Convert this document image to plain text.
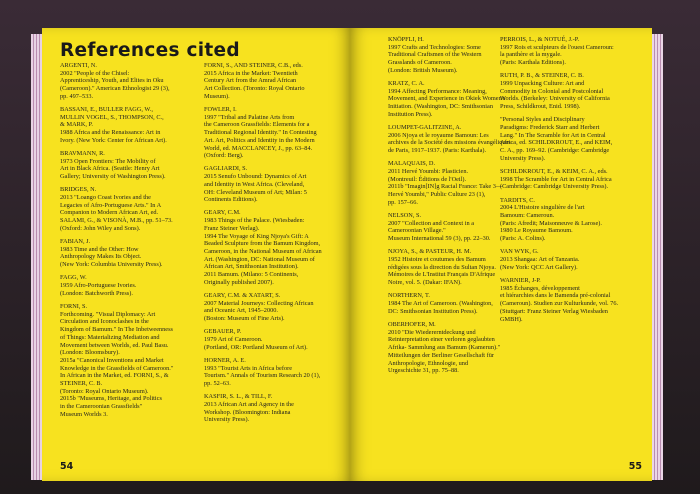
References cited
ARGENTI, N.
2002 "People of the Chisel:
Apprenticeship, Youth, and Elites in Oku
(Cameroon)." American Ethnologist 29 (3),
pp. 497–533.
BASSANI, E., BULLER FAGG, W.,
MULLIN VOGEL, S., THOMPSON, C.,
& MARK, P.
1988 Africa and the Renaissance: Art in
Ivory. (New York: Center for African Art).
BRAVMANN, R.
1973 Open Frontiers: The Mobility of
Art in Black Africa. (Seattle: Henry Art
Gallery; University of Washington Press).
BRIDGES, N.
2013 "Loango Coast Ivories and the
Legacies of Afro-Portuguese Arts." In A
Companion to Modern African Art, ed.
SALAMI, G., & VISONÀ, M.B., pp. 51–73.
(Oxford: John Wiley and Sons).
FABIAN, J.
1983 Time and the Other: How
Anthropology Makes Its Object.
(New York: Columbia University Press).
FAGG, W.
1959 Afro-Portuguese Ivories.
(London: Batchworth Press).
FORNI, S.
Forthcoming. "Visual Diplomacy: Art
Circulation and Iconoclashes in the
Kingdom of Bamum." In The Inbetweenness
of Things: Materializing Mediation and
Movement between Worlds, ed. Paul Basu.
(London: Bloomsbury).
2015a "Canonical Inventions and Market
Knowledge in the Grassfields of Cameroon."
In African in the Market, ed. FORNI, S., &
STEINER, C. B.
(Toronto: Royal Ontario Museum).
2015b "Museums, Heritage, and Politics
in the Cameroonian Grassfields"
Museum Worlds 3.
FORNI, S., AND STEINER, C.B., eds.
2015 Africa in the Market: Twentieth
Century Art from the Amrad African
Art Collection. (Toronto: Royal Ontario
Museum).
FOWLER, I.
1997 "Tribal and Palatine Arts from
the Cameroon Grassfields: Elements for a
Traditional Regional Identity." In Contesting
Art. Art, Politics and Identity in the Modern
World, ed. MACCLANCEY, J., pp. 63–84.
(Oxford: Berg).
GAGLIARDI, S.
2015 Senufo Unbound: Dynamics of Art
and Identity in West Africa. (Cleveland,
OH: Cleveland Museum of Art; Milan: 5
Continents Editions).
GEARY, C.M.
1983 Things of the Palace. (Wiesbaden:
Franz Steiner Verlag).
1994 The Voyage of King Njoya's Gift: A
Beaded Sculpture from the Bamum Kingdom,
Cameroon, in the National Museum of African
Art. (Washington, DC: National Museum of
African Art, Smithsonian Institution).
2011 Bamum. (Milano: 5 Continents,
Originally published 2007).
GEARY, C.M. & XATART, S.
2007 Material Journeys: Collecting African
and Oceanic Art, 1945–2000.
(Boston: Museum of Fine Arts).
GEBAUER, P.
1979 Art of Cameroon.
(Portland, OR: Portland Museum of Art).
HORNER, A. E.
1993 "Tourist Arts in Africa before
Tourism." Annals of Tourism Research 20 (1),
pp. 52–63.
KASFIR, S. L., & TILL, F.
2013 African Art and Agency in the
Workshop. (Bloomington: Indiana
University Press).
54
KNÖPFLI, H.
1997 Crafts and Technologies: Some
Traditional Craftsmen of the Western
Grasslands of Cameroon.
(London: British Museum).
KRATZ, C. A.
1994 Affecting Performance: Meaning,
Movement, and Experience in Okiek Women's
Initiation. (Washington, DC: Smithsonian
Institution Press).
LOUMPET-GALITZINE, A.
2006 Njoya et le royaume Bamoun: Les
archives de la Société des missions évangéliques
de Paris, 1917–1937. (Paris: Karthala).
MALAQUAIS, D.
2011 Hervé Youmbi: Plasticien.
(Montreuil: Éditions de l'Oeil).
2011b "Imagin[IN]g Racial France: Take 3—
Hervé Youmbi," Public Culture 23 (1),
pp. 157–66.
NELSON, S.
2007 "Collection and Context in a
Cameroonian Village."
Museum International 59 (3), pp. 22–30.
NJOYA, S., & PASTEUR, H. M.
1952 Histoire et coutumes des Bamum
rédigées sous la direction du Sultan Njoya.
Mémoires de L'Institut Français D'Afrique
Noire, vol. 5. (Dakar: IFAN).
NORTHERN, T.
1984 The Art of Cameroon. (Washington,
DC: Smithsonian Institution Press).
OBERHOFER, M.
2010 "Die Wiedererntdeckung und
Reinterpretation einer verloren geglaubten
Afrika- Sammlung aus Bamum (Kamerun)."
Mitteilungen der Berliner Gesellschaft für
Anthropologie, Ethnologie, und
Urgeschichte 31, pp. 75–88.
PERROIS, L., & NOTUÉ, J.-P.
1997 Rois et sculpteurs de l'ouest Cameroun:
la panthère et la mygale.
(Paris: Karthala Editions).
RUTH, P. B., & STEINER, C. B.
1999 Unpacking Culture: Art and
Commodity in Colonial and Postcolonial
Worlds. (Berkeley: University of California
Press, Schildkrout, Enid. 1998).
"Personal Styles and Disciplinary
Paradigms: Frederick Starr and Herbert
Lang." In The Scramble for Art in Central
Africa, ed. SCHILDKROUT, E., and KEIM,
C. A., pp. 169–92. (Cambridge: Cambridge
University Press).
SCHILDKROUT, E., & KEIM, C. A., eds.
1998 The Scramble for Art in Central Africa
(Cambridge: Cambridge University Press).
TARDITS, C.
2004 L'Histoire singulière de l'art
Bamoum: Cameroun.
(Paris: Afredit; Maisonneuve & Larose).
1980 Le Royaume Bamoum.
(Paris: A. Colins).
VAN WYK, G.
2013 Shangaa: Art of Tanzania.
(New York: QCC Art Gallery).
WARNIER, J-P.
1985 Échanges, développement
et hiérarchies dans le Bamenda pré-colonial
(Cameroun). Studien zur Kulturkunde, vol. 76.
(Stuttgart: Franz Steiner Verlag Wiesbaden
GMBH).
55
